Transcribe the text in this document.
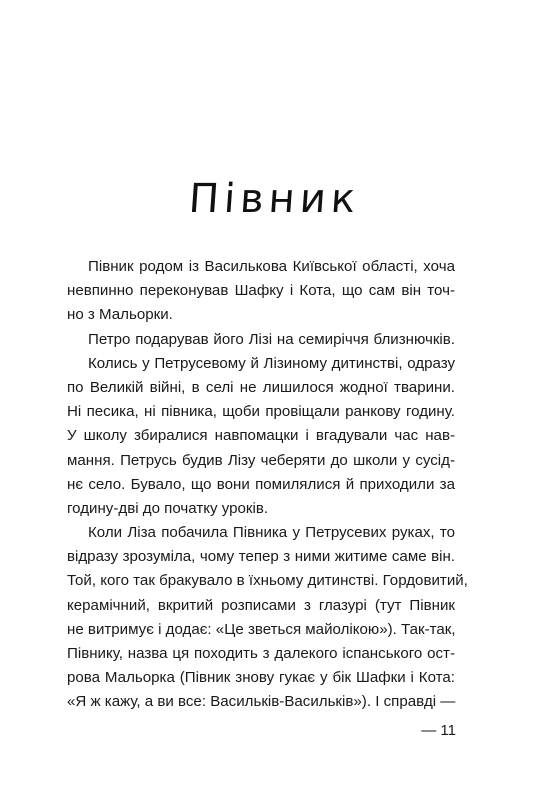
Півник
Півник родом із Василькова Київської області, хоча
невпинно переконував Шафку і Кота, що сам він точ-
но з Мальорки.
Петро подарував його Лізі на семиріччя близнючків.
Колись у Петрусевому й Лізиному дитинстві, одразу
по Великій війні, в селі не лишилося жодної тварини.
Ні песика, ні півника, щоби провіщали ранкову годину.
У школу збиралися навпомацки і вгадували час нав-
мання. Петрусь будив Лізу чеберяти до школи у сусід-
нє село. Бувало, що вони помилялися й приходили за
годину-дві до початку уроків.
Коли Ліза побачила Півника у Петрусевих руках, то
відразу зрозуміла, чому тепер з ними житиме саме він.
Той, кого так бракувало в їхньому дитинстві. Гордовитий,
керамічний, вкритий розписами з глазурі (тут Півник
не витримує і додає: «Це зветься майолікою»). Так-так,
Півнику, назва ця походить з далекого іспанського ост-
рова Мальорка (Півник знову гукає у бік Шафки і Кота:
«Я ж кажу, а ви все: Васильків-Васильків»). І справді —
— 11
